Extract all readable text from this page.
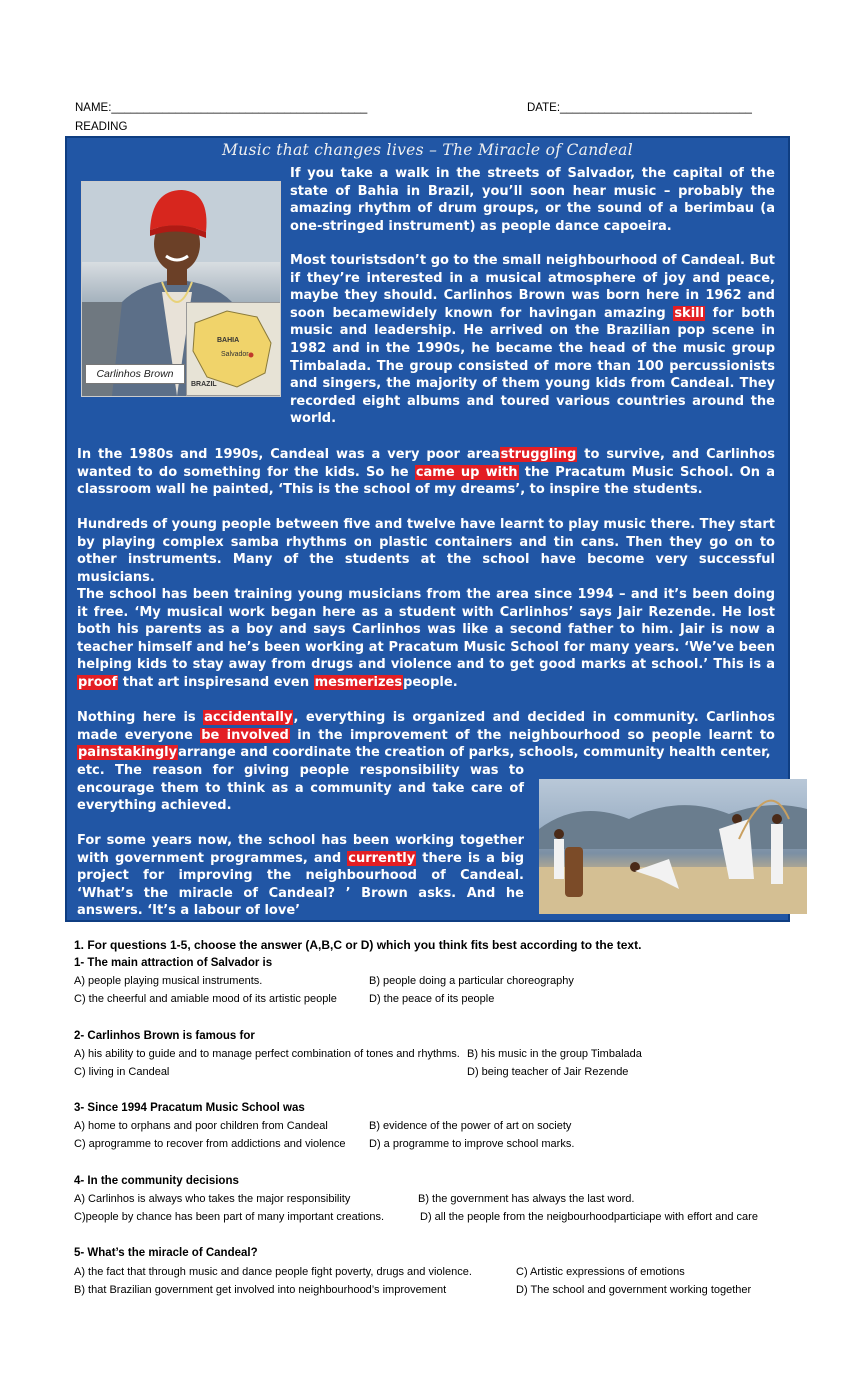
NAME:________________________________________	DATE:______________________________
READING
Music that changes lives – The Miracle of Candeal
BAHIA
Salvador
BRAZIL
Carlinhos Brown
If you take a walk in the streets of Salvador, the capital of the state of Bahia in Brazil, you’ll soon hear music – probably the amazing rhythm of drum groups, or the sound of a berimbau (a one-stringed instrument) as people dance capoeira.
Most touristsdon’t go to the small neighbourhood of Candeal. But if they’re interested in a musical atmosphere of joy and peace, maybe they should. Carlinhos Brown was born here in 1962 and soon becamewidely known for havingan amazing skill for both music and leadership. He arrived on the Brazilian pop scene in 1982 and in the 1990s, he became the head of the music group Timbalada. The group consisted of more than 100 percussionists and singers, the majority of them young kids from Candeal. They recorded eight albums and toured various countries around the world.
In the 1980s and 1990s, Candeal was a very poor areastruggling to survive, and Carlinhos wanted to do something for the kids. So he came up with the Pracatum Music School. On a classroom wall he painted, ‘This is the school of my dreams’, to inspire the students.
Hundreds of young people between five and twelve have learnt to play music there. They start by playing complex samba rhythms on plastic containers and tin cans. Then they go on to other instruments. Many of the students at the school have become very successful musicians.
The school has been training young musicians from the area since 1994 – and it’s been doing it free. ‘My musical work began here as a student with Carlinhos’ says Jair Rezende. He lost both his parents as a boy and says Carlinhos was like a second father to him. Jair is now a teacher himself and he’s been working at Pracatum Music School for many years. ‘We’ve been helping kids to stay away from drugs and violence and to get good marks at school.’ This is a proof that art inspiresand even mesmerizespeople.
Nothing here is accidentally, everything is organized and decided in community. Carlinhos made everyone be involved in the improvement of the neighbourhood so people learnt to painstakinglyarrange and coordinate the creation of parks, schools, community health center,
etc. The reason for giving people responsibility was to encourage them to think as a community and take care of everything achieved.
For some years now, the school has been working together with government programmes, and currently there is a big project for improving the neighbourhood of Candeal. ‘What’s the miracle of Candeal? ’ Brown asks. And he answers. ‘It’s a labour of love’
1. For questions 1-5, choose the answer (A,B,C or D) which you think fits best according to the text.
1- The main attraction of Salvador is
A) people playing musical instruments.	B) people doing a particular choreography
C) the cheerful and amiable mood of its artistic people	D) the peace of its people
2- Carlinhos Brown is famous for
A) his ability to guide and to manage perfect combination of tones and rhythms. B) his music in the group Timbalada
C) living in Candeal	D) being teacher of Jair Rezende
3- Since 1994 Pracatum Music School was
A) home to orphans and poor children from Candeal	B) evidence of the power of art on society
C) aprogramme to recover from addictions and violence D) a programme to improve school marks.
4- In the community decisions
A) Carlinhos is always who takes the major responsibility	B) the government has always the last word.
C)people by chance has been part of many important creations.	D) all the people from the neigbourhoodparticiape with effort and care
5- What’s the miracle of Candeal?
A) the fact that through music and dance people fight poverty, drugs and violence.	C) Artistic expressions of emotions
B) that Brazilian government get involved into neighbourhood’s improvement	D) The school and government working together
